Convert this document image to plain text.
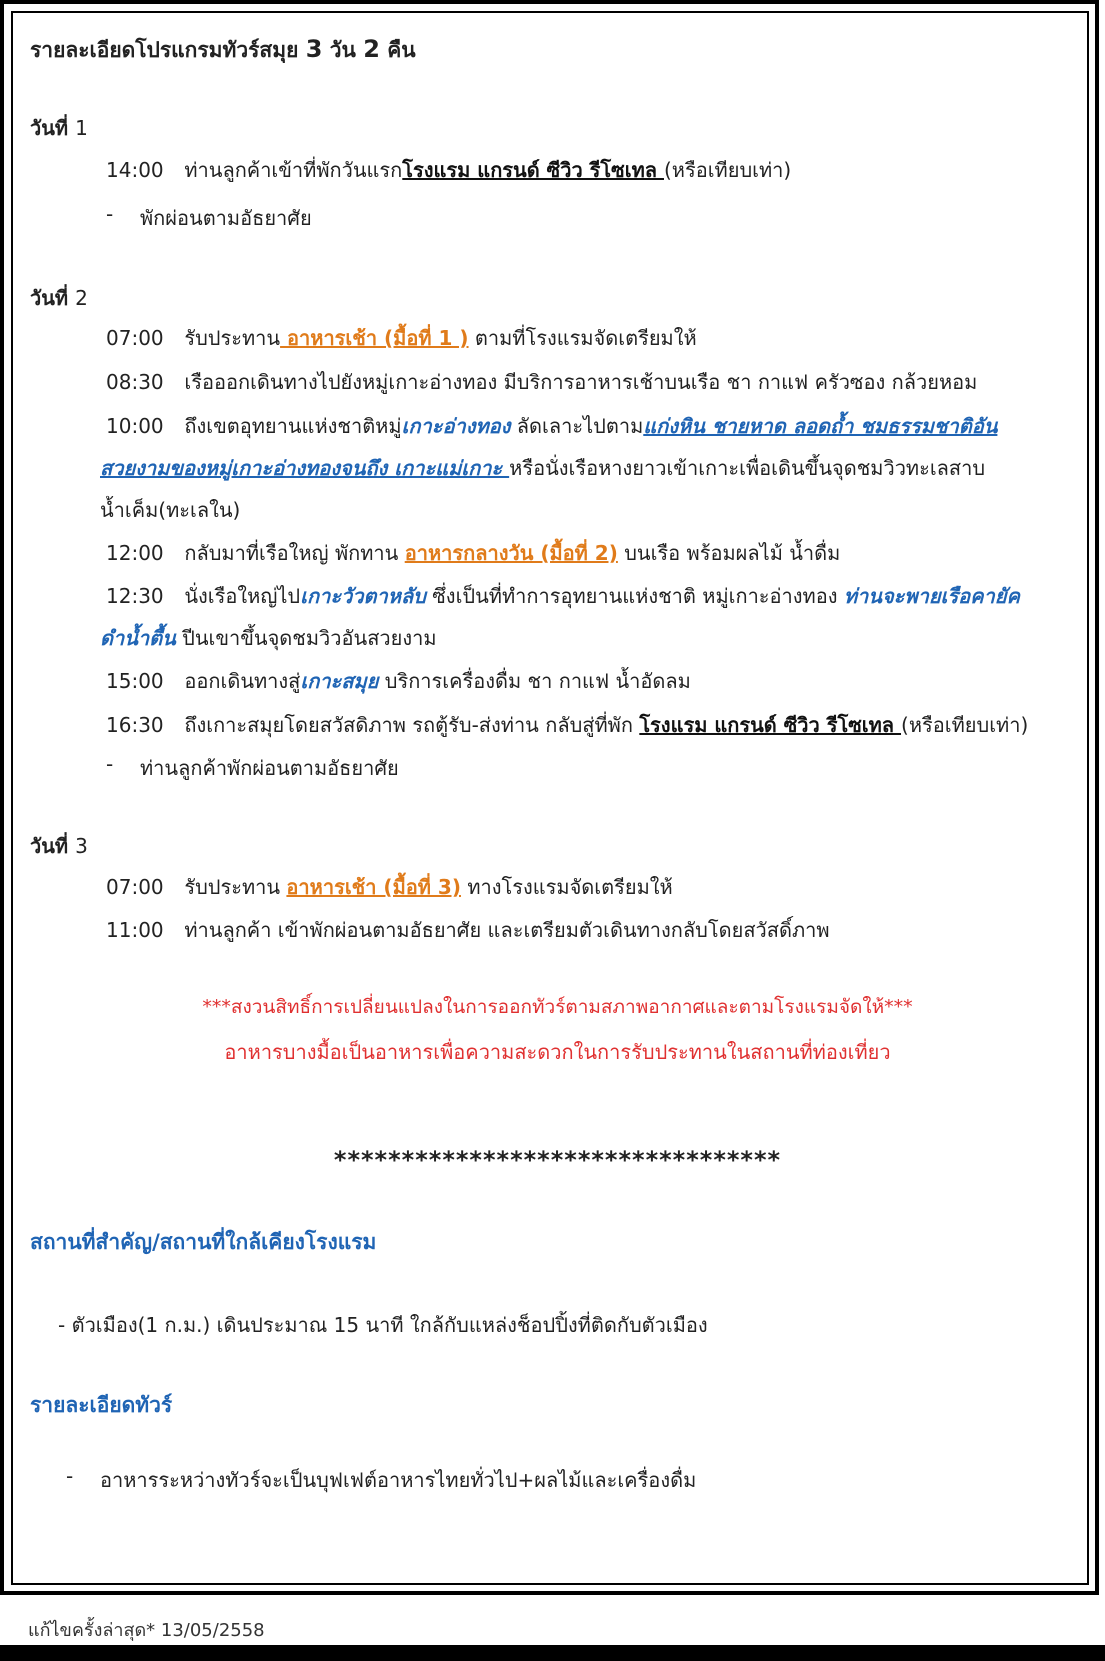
รายละเอียดโปรแกรมทัวร์สมุย 3 วัน 2 คืน
วันที่ 1
14:00 ท่านลูกค้าเข้าที่พักวันแรกโรงแรม แกรนด์ ซีวิว รีโซเทล (หรือเทียบเท่า)
- พักผ่อนตามอัธยาศัย
วันที่ 2
07:00 รับประทาน อาหารเช้า (มื้อที่ 1 ) ตามที่โรงแรมจัดเตรียมให้
08:30 เรือออกเดินทางไปยังหมู่เกาะอ่างทอง มีบริการอาหารเช้าบนเรือ ชา กาแฟ ครัวซอง กล้วยหอม
10:00 ถึงเขตอุทยานแห่งชาติหมู่เกาะอ่างทอง ลัดเลาะไปตามแก่งหิน ชายหาด ลอดถ้ำ ชมธรรมชาติอัน
สวยงามของหมู่เกาะอ่างทองจนถึง เกาะแม่เกาะ หรือนั่งเรือหางยาวเข้าเกาะเพื่อเดินขึ้นจุดชมวิวทะเลสาบ
น้ำเค็ม(ทะเลใน)
12:00 กลับมาที่เรือใหญ่ พักทาน อาหารกลางวัน (มื้อที่ 2) บนเรือ พร้อมผลไม้ น้ำดื่ม
12:30 นั่งเรือใหญ่ไปเกาะวัวตาหลับ ซึ่งเป็นที่ทำการอุทยานแห่งชาติ หมู่เกาะอ่างทอง ท่านจะพายเรือคายัค
ดำน้ำตื้น ปีนเขาขึ้นจุดชมวิวอันสวยงาม
15:00 ออกเดินทางสู่เกาะสมุย บริการเครื่องดื่ม ชา กาแฟ น้ำอัดลม
16:30 ถึงเกาะสมุยโดยสวัสดิภาพ รถตู้รับ-ส่งท่าน กลับสู่ที่พัก โรงแรม แกรนด์ ซีวิว รีโซเทล (หรือเทียบเท่า)
- ท่านลูกค้าพักผ่อนตามอัธยาศัย
วันที่ 3
07:00 รับประทาน อาหารเช้า (มื้อที่ 3) ทางโรงแรมจัดเตรียมให้
11:00 ท่านลูกค้า เข้าพักผ่อนตามอัธยาศัย และเตรียมตัวเดินทางกลับโดยสวัสดิ์ภาพ
***สงวนสิทธิ์การเปลี่ยนแปลงในการออกทัวร์ตามสภาพอากาศและตามโรงแรมจัดให้***
อาหารบางมื้อเป็นอาหารเพื่อความสะดวกในการรับประทานในสถานที่ท่องเที่ยว
*********************************
สถานที่สำคัญ/สถานที่ใกล้เคียงโรงแรม
- ตัวเมือง(1 ก.ม.) เดินประมาณ 15 นาที ใกล้กับแหล่งช็อปปิ้งที่ติดกับตัวเมือง
รายละเอียดทัวร์
- อาหารระหว่างทัวร์จะเป็นบุฟเฟต์อาหารไทยทั่วไป+ผลไม้และเครื่องดื่ม
แก้ไขครั้งล่าสุด* 13/05/2558
